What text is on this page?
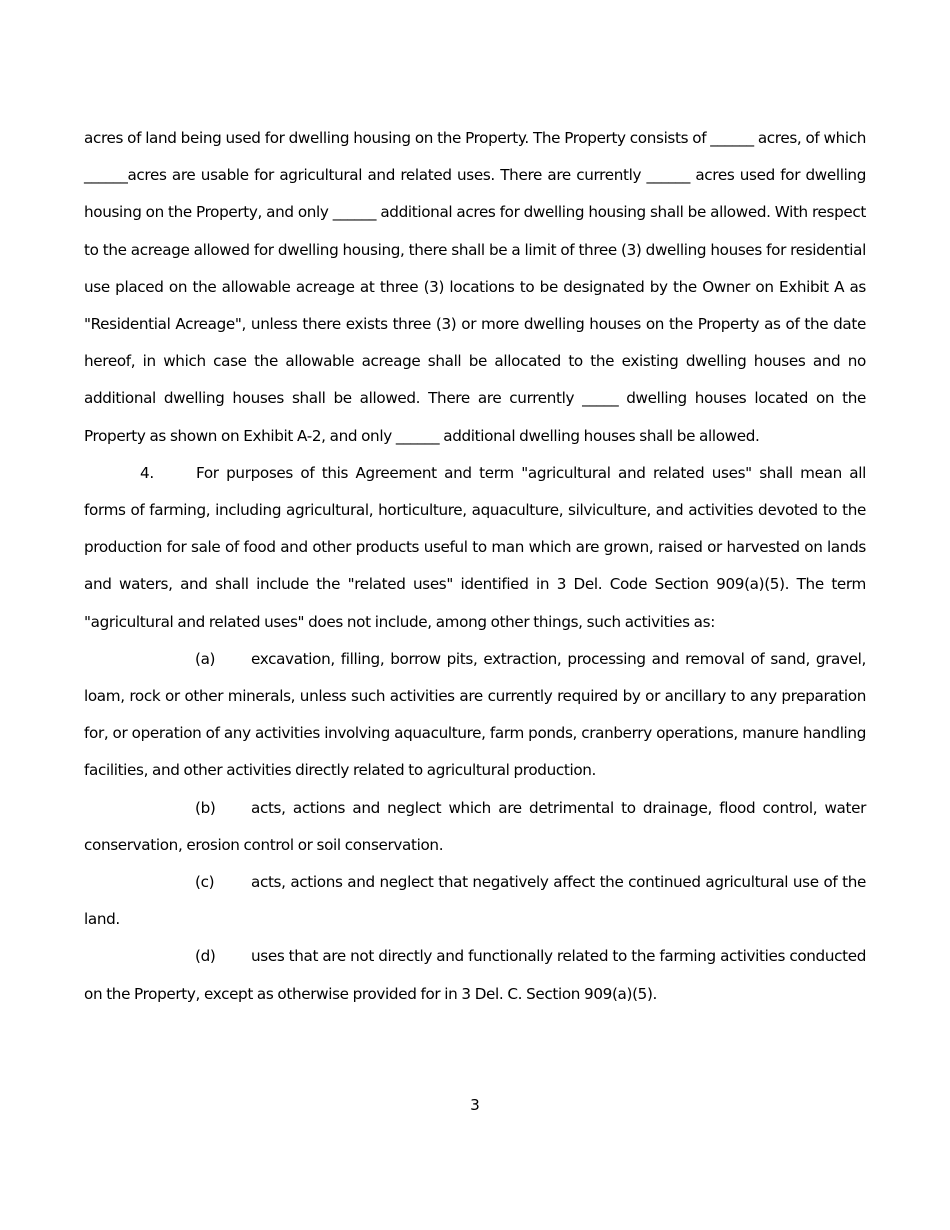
acres of land being used for dwelling housing on the Property. The Property consists of ______ acres, of which ______acres are usable for agricultural and related uses. There are currently ______ acres used for dwelling housing on the Property, and only ______ additional acres for dwelling housing shall be allowed. With respect to the acreage allowed for dwelling housing, there shall be a limit of three (3) dwelling houses for residential use placed on the allowable acreage at three (3) locations to be designated by the Owner on Exhibit A as "Residential Acreage", unless there exists three (3) or more dwelling houses on the Property as of the date hereof, in which case the allowable acreage shall be allocated to the existing dwelling houses and no additional dwelling houses shall be allowed. There are currently _____ dwelling houses located on the Property as shown on Exhibit A-2, and only ______ additional dwelling houses shall be allowed.

4.	For purposes of this Agreement and term "agricultural and related uses" shall mean all forms of farming, including agricultural, horticulture, aquaculture, silviculture, and activities devoted to the production for sale of food and other products useful to man which are grown, raised or harvested on lands and waters, and shall include the "related uses" identified in 3 Del. Code Section 909(a)(5). The term "agricultural and related uses" does not include, among other things, such activities as:

(a) excavation, filling, borrow pits, extraction, processing and removal of sand, gravel, loam, rock or other minerals, unless such activities are currently required by or ancillary to any preparation for, or operation of any activities involving aquaculture, farm ponds, cranberry operations, manure handling facilities, and other activities directly related to agricultural production.

(b) acts, actions and neglect which are detrimental to drainage, flood control, water conservation, erosion control or soil conservation.

(c) acts, actions and neglect that negatively affect the continued agricultural use of the land.

(d) uses that are not directly and functionally related to the farming activities conducted on the Property, except as otherwise provided for in 3 Del. C. Section 909(a)(5).

3
